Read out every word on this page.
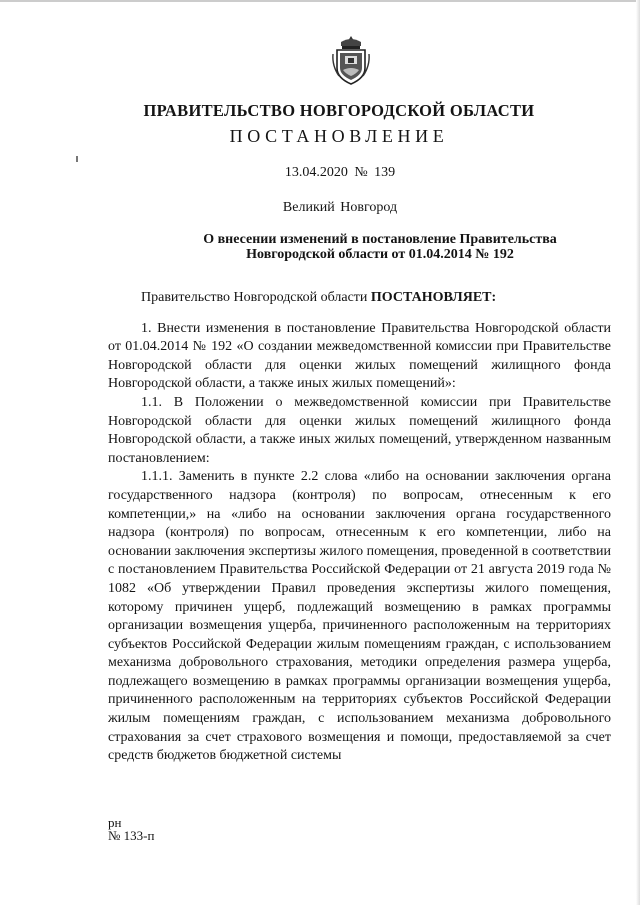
ПРАВИТЕЛЬСТВО НОВГОРОДСКОЙ ОБЛАСТИ
ПОСТАНОВЛЕНИЕ
13.04.2020 № 139
Великий Новгород
О внесении изменений в постановление Правительства
Новгородской области от 01.04.2014 № 192

Правительство Новгородской области ПОСТАНОВЛЯЕТ:

1. Внести изменения в постановление Правительства Новгородской области от 01.04.2014 № 192 «О создании межведомственной комиссии при Правительстве Новгородской области для оценки жилых помещений жилищного фонда Новгородской области, а также иных жилых помещений»:

1.1. В Положении о межведомственной комиссии при Правительстве Новгородской области для оценки жилых помещений жилищного фонда Новгородской области, а также иных жилых помещений, утвержденном названным постановлением:

1.1.1. Заменить в пункте 2.2 слова «либо на основании заключения органа государственного надзора (контроля) по вопросам, отнесенным к его компетенции,» на «либо на основании заключения органа государственного надзора (контроля) по вопросам, отнесенным к его компетенции, либо на основании заключения экспертизы жилого помещения, проведенной в соответствии с постановлением Правительства Российской Федерации от 21 августа 2019 года № 1082 «Об утверждении Правил проведения экспертизы жилого помещения, которому причинен ущерб, подлежащий возмещению в рамках программы организации возмещения ущерба, причиненного расположенным на территориях субъектов Российской Федерации жилым помещениям граждан, с использованием механизма добровольного страхования, методики определения размера ущерба, подлежащего возмещению в рамках программы организации возмещения ущерба, причиненного расположенным на территориях субъектов Российской Федерации жилым помещениям граждан, с использованием механизма добровольного страхования за счет страхового возмещения и помощи, предоставляемой за счет средств бюджетов бюджетной системы

рн
№ 133-п
